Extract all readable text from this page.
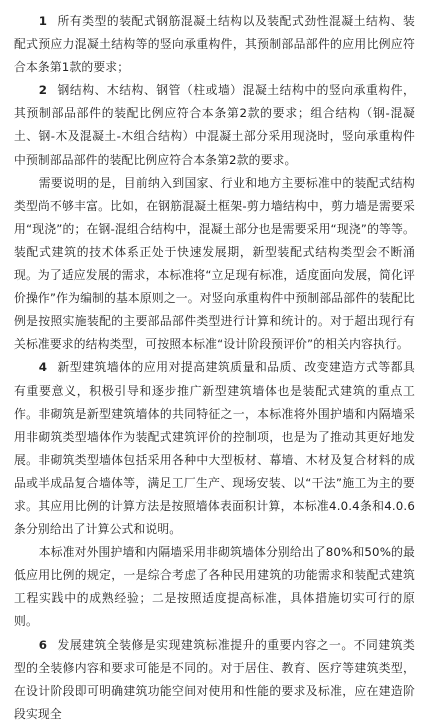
1 所有类型的装配式钢筋混凝土结构以及装配式劲性混凝土结构、装配式预应力混凝土结构等的竖向承重构件，其预制部品部件的应用比例应符合本条第1款的要求；

2 钢结构、木结构、钢管（柱或墙）混凝土结构中的竖向承重构件，其预制部品部件的装配比例应符合本条第2款的要求；组合结构（钢-混凝土、钢-木及混凝土-木组合结构）中混凝土部分采用现浇时，竖向承重构件中预制部品部件的装配比例应符合本条第2款的要求。

需要说明的是，目前纳入到国家、行业和地方主要标准中的装配式结构类型尚不够丰富。比如，在钢筋混凝土框架-剪力墙结构中，剪力墙是需要采用“现浇”的；在钢-混组合结构中，混凝土部分也是需要采用“现浇”的等等。装配式建筑的技术体系正处于快速发展期，新型装配式结构类型会不断涌现。为了适应发展的需求，本标准将“立足现有标准，适度面向发展，简化评价操作”作为编制的基本原则之一。对竖向承重构件中预制部品部件的装配比例是按照实施装配的主要部品部件类型进行计算和统计的。对于超出现行有关标准要求的结构类型，可按照本标准“设计阶段预评价”的相关内容执行。

4 新型建筑墙体的应用对提高建筑质量和品质、改变建造方式等都具有重要意义，积极引导和逐步推广新型建筑墙体也是装配式建筑的重点工作。非砌筑是新型建筑墙体的共同特征之一，本标准将外围护墙和内隔墙采用非砌筑类型墙体作为装配式建筑评价的控制项，也是为了推动其更好地发展。非砌筑类型墙体包括采用各种中大型板材、幕墙、木材及复合材料的成品或半成品复合墙体等，满足工厂生产、现场安装、以“干法”施工为主的要求。其应用比例的计算方法是按照墙体表面积计算，本标准4.0.4条和4.0.6条分别给出了计算公式和说明。

本标准对外围护墙和内隔墙采用非砌筑墙体分别给出了80%和50%的最低应用比例的规定，一是综合考虑了各种民用建筑的功能需求和装配式建筑工程实践中的成熟经验；二是按照适度提高标准，具体措施切实可行的原则。

6 发展建筑全装修是实现建筑标准提升的重要内容之一。不同建筑类型的全装修内容和要求可能是不同的。对于居住、教育、医疗等建筑类型，在设计阶段即可明确建筑功能空间对使用和性能的要求及标准，应在建造阶段实现全
